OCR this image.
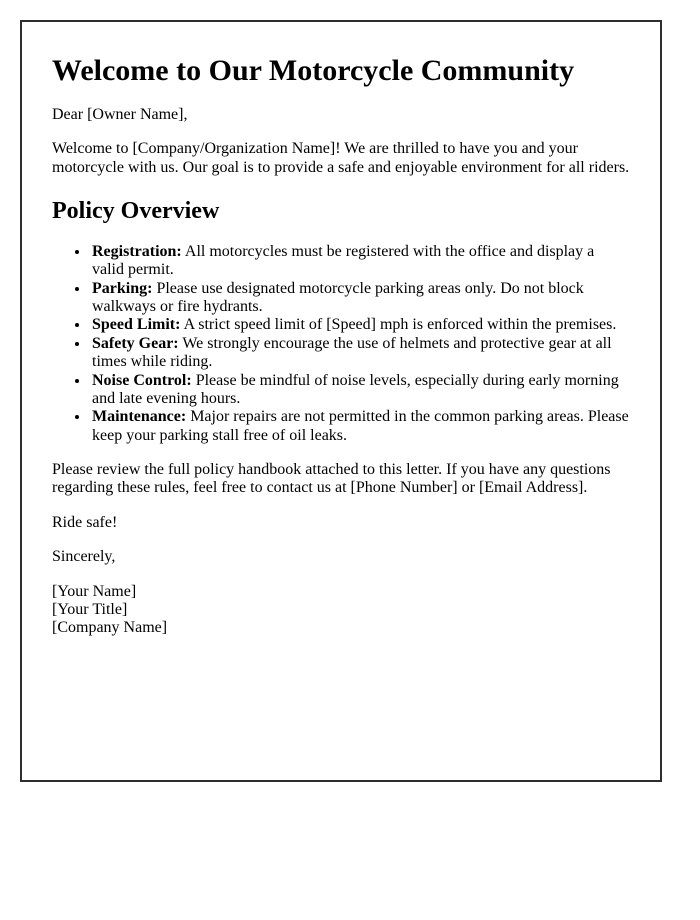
Welcome to Our Motorcycle Community

Dear [Owner Name],

Welcome to [Company/Organization Name]! We are thrilled to have you and your motorcycle with us. Our goal is to provide a safe and enjoyable environment for all riders.

Policy Overview
• Registration: All motorcycles must be registered with the office and display a valid permit.
• Parking: Please use designated motorcycle parking areas only. Do not block walkways or fire hydrants.
• Speed Limit: A strict speed limit of [Speed] mph is enforced within the premises.
• Safety Gear: We strongly encourage the use of helmets and protective gear at all times while riding.
• Noise Control: Please be mindful of noise levels, especially during early morning and late evening hours.
• Maintenance: Major repairs are not permitted in the common parking areas. Please keep your parking stall free of oil leaks.

Please review the full policy handbook attached to this letter. If you have any questions regarding these rules, feel free to contact us at [Phone Number] or [Email Address].

Ride safe!

Sincerely,

[Your Name]
[Your Title]
[Company Name]
